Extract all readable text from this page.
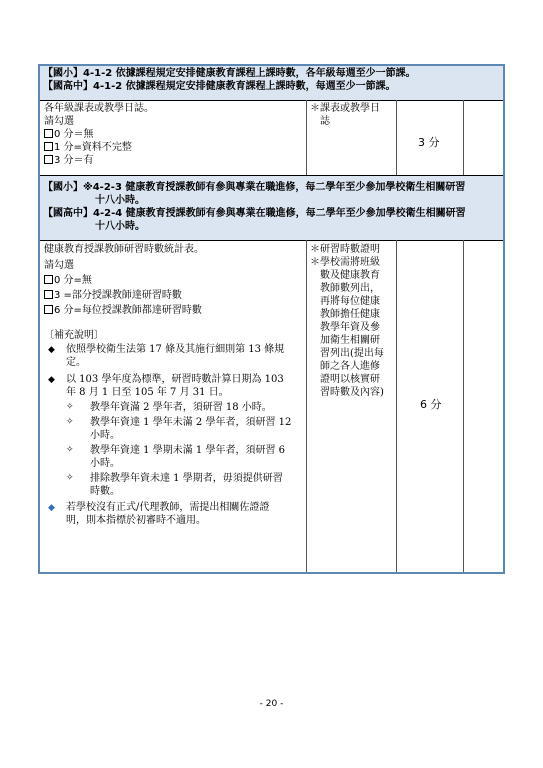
【國小】4-1-2 依據課程規定安排健康教育課程上課時數，各年級每週至少一節課。

【國高中】4-1-2 依據課程規定安排健康教育課程上課時數，每週至少一節課。

各年級課表或教學日誌。
請勾選
0 分＝無
1 分=資料不完整
3 分＝有
＊課表或教學日
誌
3 分

【國小】※4-2-3 健康教育授課教師有參與專業在職進修，每二學年至少參加學校衛生相關研習

十八小時。

【國高中】4-2-4 健康教育授課教師有參與專業在職進修，每二學年至少參加學校衛生相關研習

十八小時。

健康教育授課教師研習時數統計表。
請勾選
0 分=無
3 =部分授課教師達研習時數
6 分=每位授課教師都達研習時數
〔補充說明〕
◆ 依照學校衛生法第 17 條及其施行細則第 13 條規
定。
◆ 以 103 學年度為標準，研習時數計算日期為 103
年 8 月 1 日至 105 年 7 月 31 日。
✧ 教學年資滿 2 學年者，須研習 18 小時。
✧ 教學年資達 1 學年未滿 2 學年者，須研習 12
小時。
✧ 教學年資達 1 學期未滿 1 學年者，須研習 6
小時。
✧ 排除教學年資未達 1 學期者，毋須提供研習
時數。
◆ 若學校沒有正式/代理教師，需提出相關佐證證
明，則本指標於初審時不適用。
＊研習時數證明
＊學校需將班級
數及健康教育
教師數列出，
再將每位健康
教師擔任健康
教學年資及參
加衛生相關研
習列出(提出每
師之各人進修
證明以核實研
習時數及內容)
6 分
- 20 -
